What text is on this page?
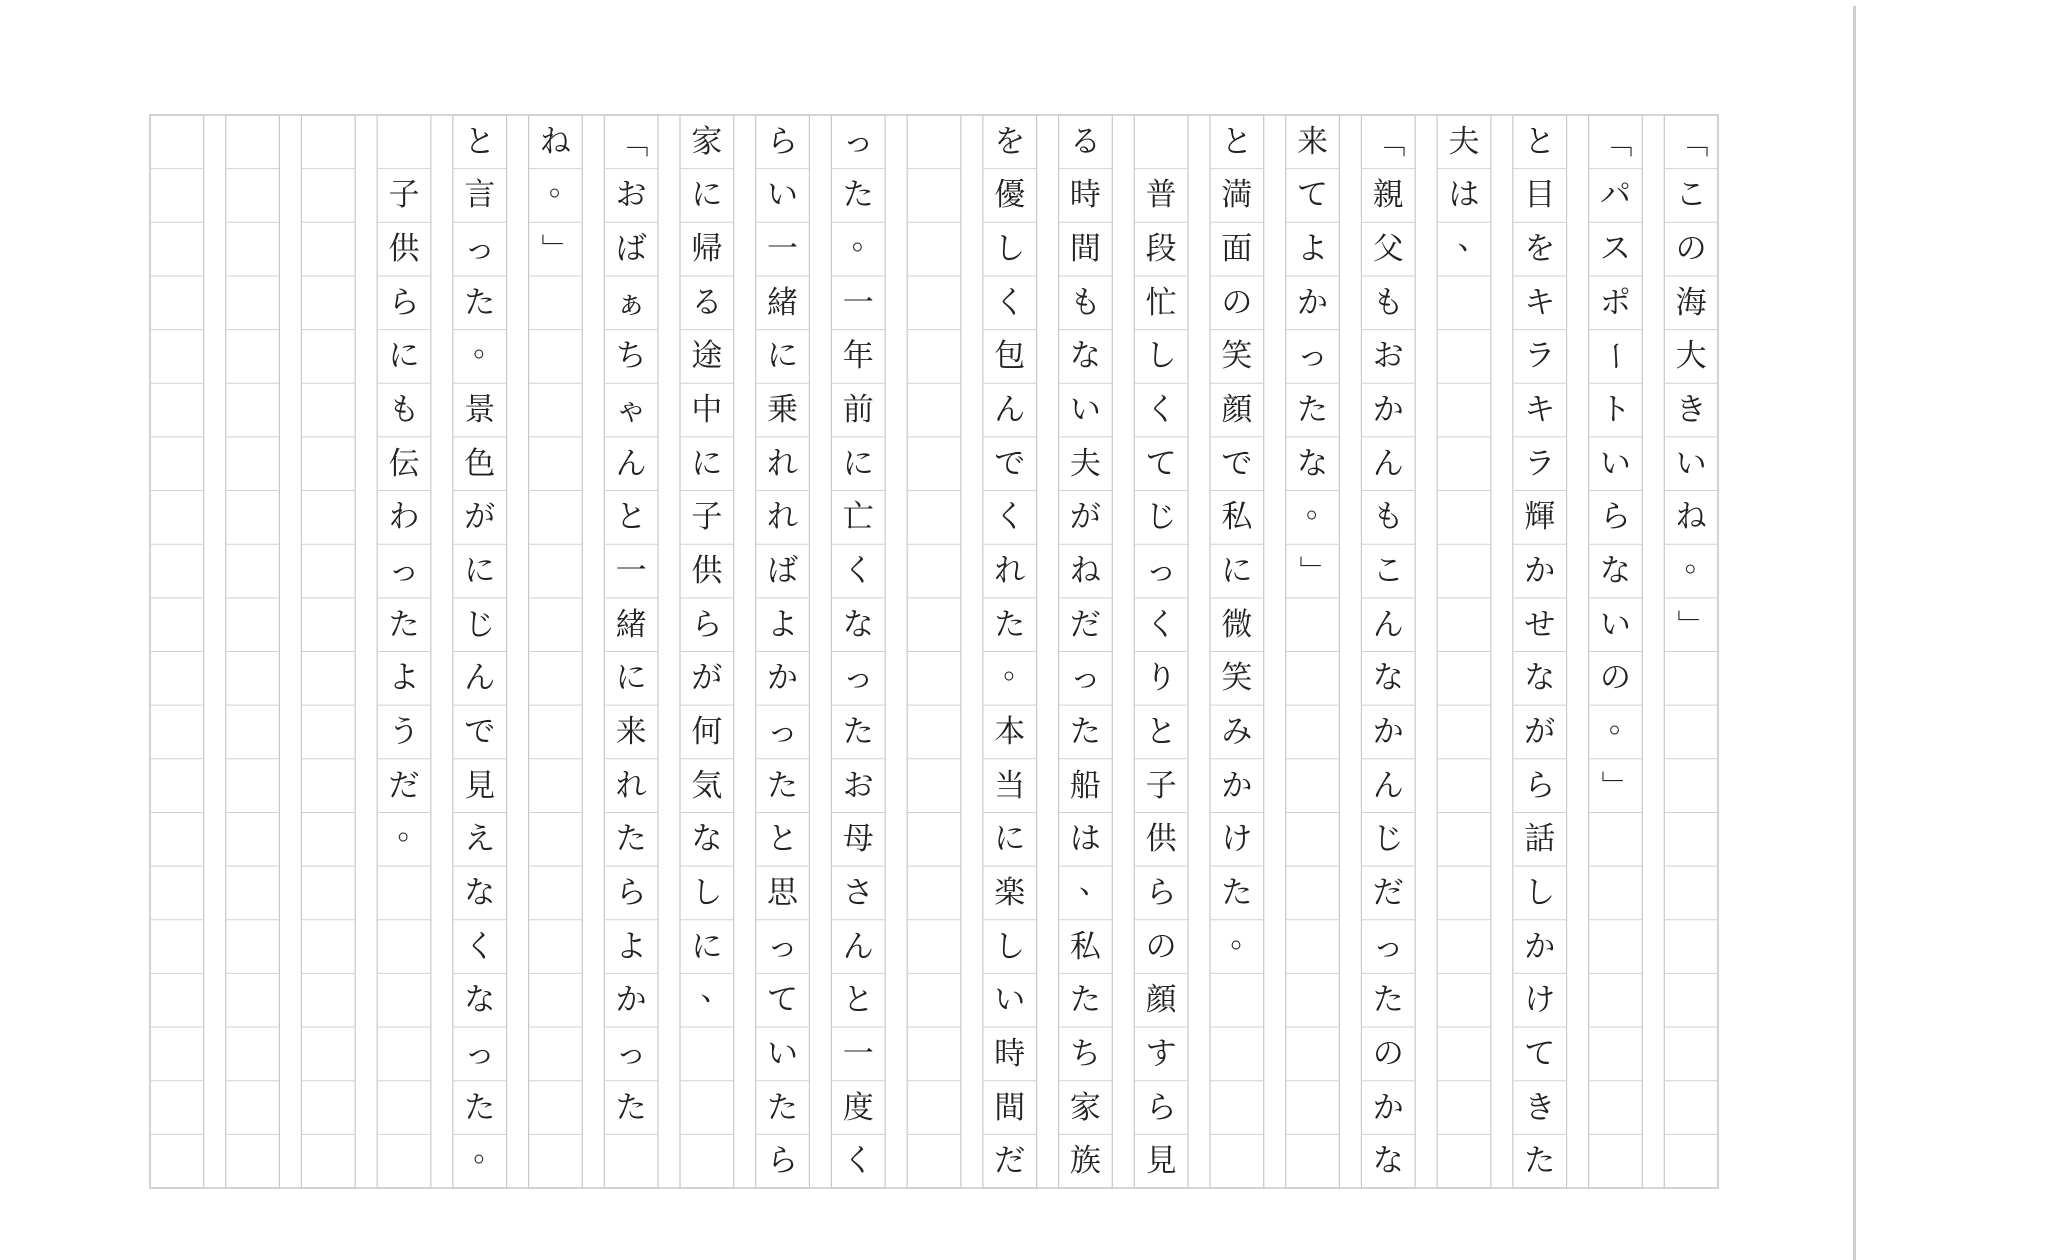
「
こ
の
海
大
き
い
ね
。
」
「
パ
ス
ポ
ー
ト
い
ら
な
い
の
。
」
と
目
を
キ
ラ
キ
ラ
輝
か
せ
な
が
ら
話
し
か
け
て
き
た
夫
は
、
「
親
父
も
お
か
ん
も
こ
ん
な
か
ん
じ
だ
っ
た
の
か
な
来
て
よ
か
っ
た
な
。
」
と
満
面
の
笑
顔
で
私
に
微
笑
み
か
け
た
。

普
段
忙
し
く
て
じ
っ
く
り
と
子
供
ら
の
顔
す
ら
見
る
時
間
も
な
い
夫
が
ね
だ
っ
た
船
は
、
私
た
ち
家
族
を
優
し
く
包
ん
で
く
れ
た
。
本
当
に
楽
し
い
時
間
だ
っ
た
。
一
年
前
に
亡
く
な
っ
た
お
母
さ
ん
と
一
度
く
ら
い
一
緒
に
乗
れ
れ
ば
よ
か
っ
た
と
思
っ
て
い
た
ら
家
に
帰
る
途
中
に
子
供
ら
が
何
気
な
し
に
、
「
お
ば
ぁ
ち
ゃ
ん
と
一
緒
に
来
れ
た
ら
よ
か
っ
た
ね
。
」
と
言
っ
た
。
景
色
が
に
じ
ん
で
見
え
な
く
な
っ
た
。

子
供
ら
に
も
伝
わ
っ
た
よ
う
だ
。
